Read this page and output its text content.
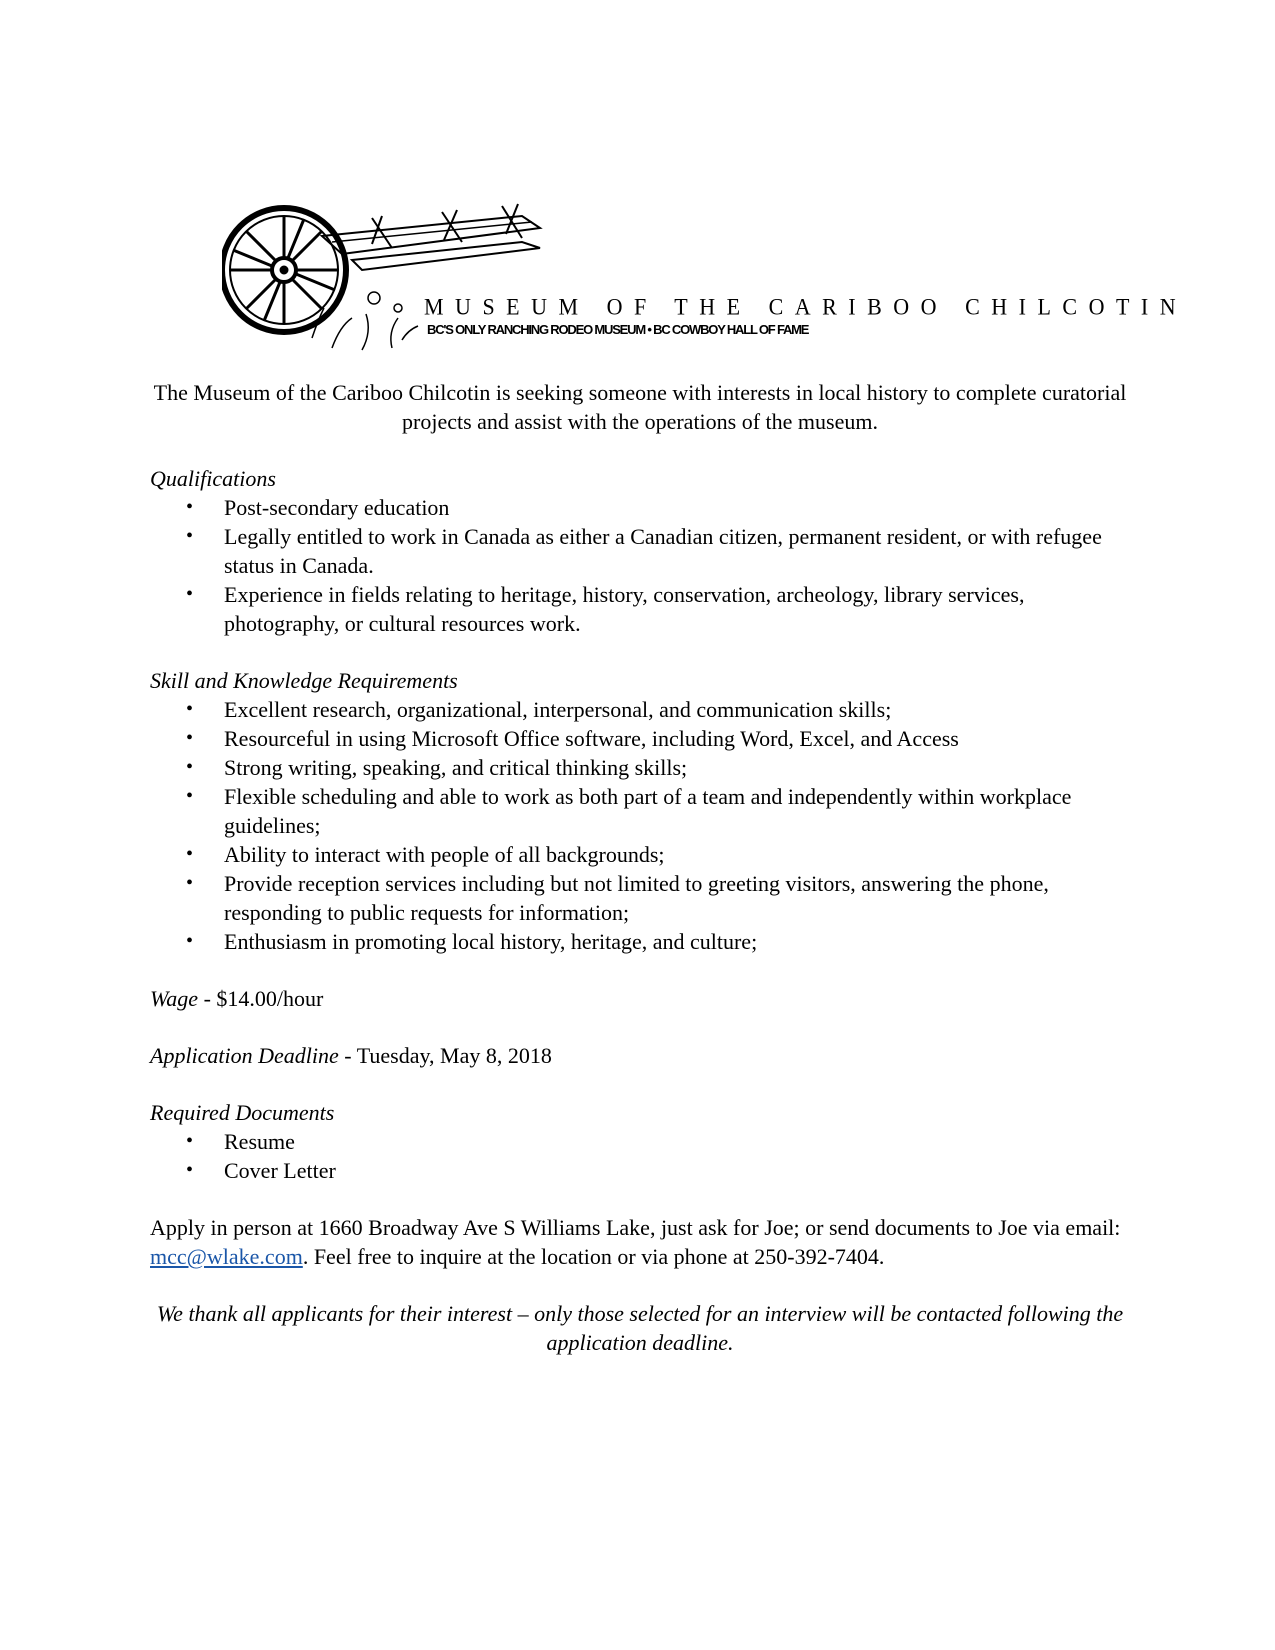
MUSEUM OF THE CARIBOO CHILCOTIN
BC'S ONLY RANCHING RODEO MUSEUM • BC COWBOY HALL OF FAME

The Museum of the Cariboo Chilcotin is seeking someone with interests in local history to complete curatorial projects and assist with the operations of the museum.

Qualifications

• Post-secondary education
• Legally entitled to work in Canada as either a Canadian citizen, permanent resident, or with refugee status in Canada.
• Experience in fields relating to heritage, history, conservation, archeology, library services, photography, or cultural resources work.

Skill and Knowledge Requirements

• Excellent research, organizational, interpersonal, and communication skills;
• Resourceful in using Microsoft Office software, including Word, Excel, and Access
• Strong writing, speaking, and critical thinking skills;
• Flexible scheduling and able to work as both part of a team and independently within workplace guidelines;
• Ability to interact with people of all backgrounds;
• Provide reception services including but not limited to greeting visitors, answering the phone, responding to public requests for information;
• Enthusiasm in promoting local history, heritage, and culture;

Wage - $14.00/hour

Application Deadline - Tuesday, May 8, 2018

Required Documents

• Resume
• Cover Letter

Apply in person at 1660 Broadway Ave S Williams Lake, just ask for Joe; or send documents to Joe via email: mcc@wlake.com. Feel free to inquire at the location or via phone at 250-392-7404.

We thank all applicants for their interest – only those selected for an interview will be contacted following the application deadline.
